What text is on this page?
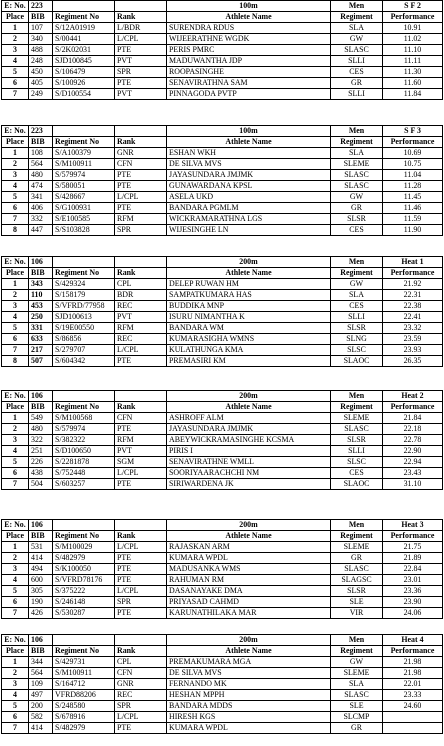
E: No.	223			100m	Men	S F 2
Place	BIB	Regiment No	Rank	Athlete Name	Regiment	Performance
1	107	S/12A01919	L/BDR	SURENDRA RDUS	SLA	10.91
2	340	S/00441	L/CPL	WIJEERATHNE WGDK	GW	11.02
3	488	S/2K02031	PTE	PERIS PMRC	SLASC	11.10
4	248	SJD100845	PVT	MADUWANTHA JDP	SLLI	11.11
5	450	S/106479	SPR	ROOPASINGHE	CES	11.30
6	405	S/100926	PTE	SENAVIRATHNA SAM	GR	11.60
7	249	S/D100554	PVT	PINNAGODA PVTP	SLLI	11.84
E: No.	223			100m	Men	S F 3
Place	BIB	Regiment No	Rank	Athlete Name	Regiment	Performance
1	108	S/A100379	GNR	ESHAN WKH	SLA	10.69
2	564	S/M100911	CFN	DE SILVA MVS	SLEME	10.75
3	480	S/579974	PTE	JAYASUNDARA JMJMK	SLASC	11.04
4	474	S/580051	PTE	GUNAWARDANA KPSL	SLASC	11.28
5	341	S/428667	L/CPL	ASELA UKD	GW	11.45
6	406	S/G100931	PTE	BANDARA PGMLM	GR	11.46
7	332	S/E100585	RFM	WICKRAMARATHNA LGS	SLSR	11.59
8	447	S/S103828	SPR	WIJESINGHE LN	CES	11.90
E: No.	106			200m	Men	Heat 1
Place	BIB	Regiment No	Rank	Athlete Name	Regiment	Performance
1	343	S/429324	CPL	DELEP RUWAN HM	GW	21.92
2	110	S/158179	BDR	SAMPATKUMARA HAS	SLA	22.31
3	453	S/VFRD/77958	REC	BUDDIKA MNP	CES	22.38
4	250	SJD100613	PVT	ISURU NIMANTHA K	SLLI	22.41
5	331	S/19E00550	RFM	BANDARA WM	SLSR	23.32
6	633	S/86856	REC	KUMARASIGHA WMNS	SLNG	23.59
7	217	S/279707	L/CPL	KULATHUNGA KMA	SLSC	23.93
8	507	S/604342	PTE	PREMASIRI KM	SLAOC	26.35
E: No.	106			200m	Men	Heat 2
Place	BIB	Regiment No	Rank	Athlete Name	Regiment	Performance
1	549	S/M100568	CFN	ASHROFF ALM	SLEME	21.84
2	480	S/579974	PTE	JAYASUNDARA JMJMK	SLASC	22.18
3	322	S/382322	RFM	ABEYWICKRAMASINGHE KCSMA	SLSR	22.78
4	251	S/D100650	PVT	PIRIS I	SLLI	22.90
5	226	S/2281878	SGM	SENAVIRATHNE WMLL	SLSC	22.94
6	438	S/752448	L/CPL	SOORIYAARACHCHI NM	CES	23.43
7	504	S/603257	PTE	SIRIWARDENA JK	SLAOC	31.10
E: No.	106			200m	Men	Heat 3
Place	BIB	Regiment No	Rank	Athlete Name	Regiment	Performance
1	531	S/M100029	L/CPL	RAJASKAN ARM	SLEME	21.75
2	414	S/482979	PTE	KUMARA WPDL	GR	21.89
3	494	S/K100050	PTE	MADUSANKA WMS	SLASC	22.84
4	600	S/VFRD78176	PTE	RAHUMAN RM	SLAGSC	23.01
5	305	S/375222	L/CPL	DASANAYAKE DMA	SLSR	23.36
6	190	S/246148	SPR	PRIYASAD CAHMD	SLE	23.90
7	426	S/530287	PTE	KARUNATHILAKA MAR	VIR	24.06
E: No.	106			200m	Men	Heat 4
Place	BIB	Regiment No	Rank	Athlete Name	Regiment	Performance
1	344	S/429731	CPL	PREMAKUMARA MGA	GW	21.98
2	564	S/M100911	CFN	DE SILVA MVS	SLEME	21.98
3	109	S/164712	GNR	FERNANDO MK	SLA	22.01
4	497	VFRD88206	REC	HESHAN MPPH	SLASC	23.33
5	200	S/248580	SPR	BANDARA MDDS	SLE	24.60
6	582	S/678916	L/CPL	HIRESH KGS	SLCMP	
7	414	S/482979	PTE	KUMARA WPDL	GR	
